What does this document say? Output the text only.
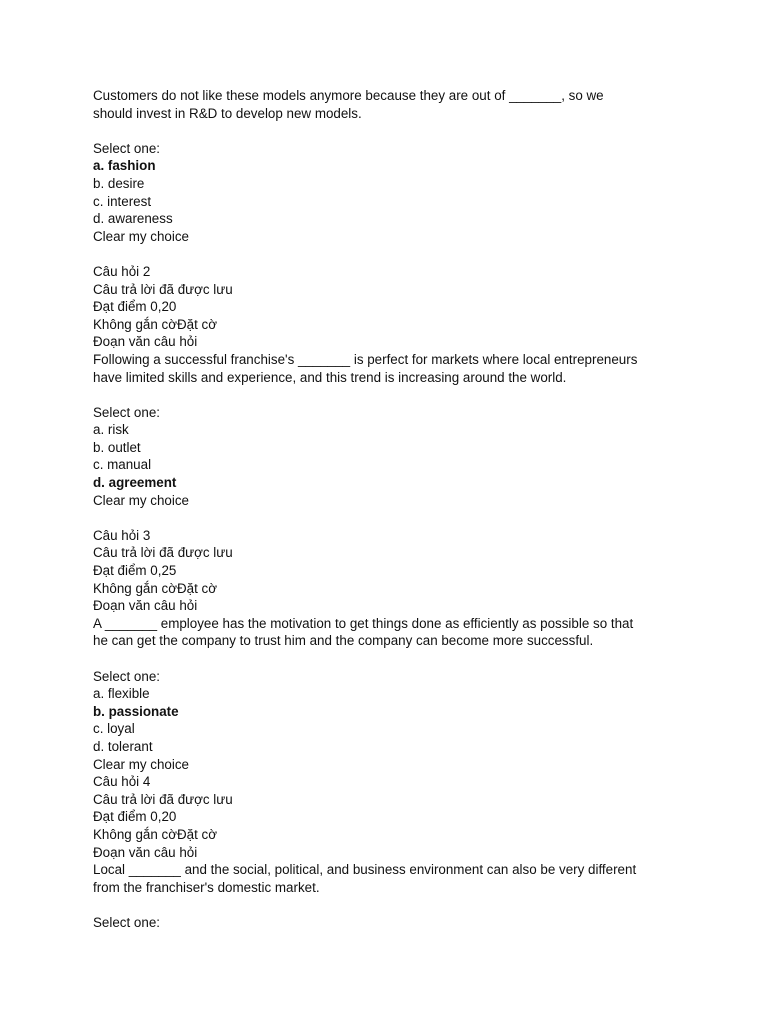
Customers do not like these models anymore because they are out of _______, so we
should invest in R&D to develop new models.
Select one:
a. fashion
b. desire
c. interest
d. awareness
Clear my choice
Câu hỏi 2
Câu trả lời đã được lưu
Đạt điểm 0,20
Không gắn cờĐặt cờ
Đoạn văn câu hỏi
Following a successful franchise's _______ is perfect for markets where local entrepreneurs
have limited skills and experience, and this trend is increasing around the world.
Select one:
a. risk
b. outlet
c. manual
d. agreement
Clear my choice
Câu hỏi 3
Câu trả lời đã được lưu
Đạt điểm 0,25
Không gắn cờĐặt cờ
Đoạn văn câu hỏi
A _______ employee has the motivation to get things done as efficiently as possible so that
he can get the company to trust him and the company can become more successful.
Select one:
a. flexible
b. passionate
c. loyal
d. tolerant
Clear my choice
Câu hỏi 4
Câu trả lời đã được lưu
Đạt điểm 0,20
Không gắn cờĐặt cờ
Đoạn văn câu hỏi
Local _______ and the social, political, and business environment can also be very different
from the franchiser's domestic market.
Select one:
